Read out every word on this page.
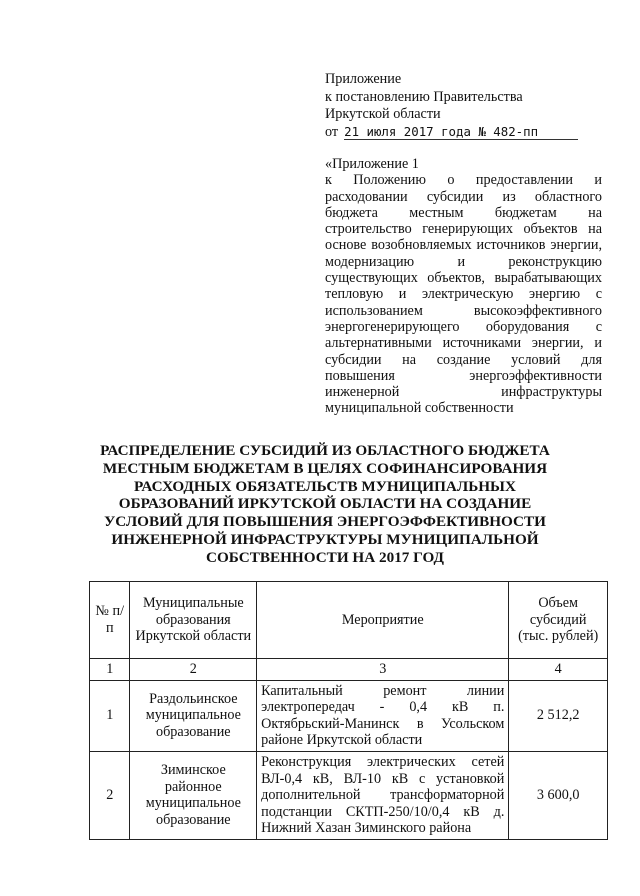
Приложение
к постановлению Правительства
Иркутской области
от 21 июля 2017 года № 482-пп
«Приложение 1
к Положению о предоставлении и расходовании субсидии из областного бюджета местным бюджетам на строительство генерирующих объектов на основе возобновляемых источников энергии, модернизацию и реконструкцию существующих объектов, вырабатывающих тепловую и электрическую энергию с использованием высокоэффективного энергогенерирующего оборудования с альтернативными источниками энергии, и субсидии на создание условий для повышения энергоэффективности инженерной инфраструктуры муниципальной собственности
РАСПРЕДЕЛЕНИЕ СУБСИДИЙ ИЗ ОБЛАСТНОГО БЮДЖЕТА МЕСТНЫМ БЮДЖЕТАМ В ЦЕЛЯХ СОФИНАНСИРОВАНИЯ РАСХОДНЫХ ОБЯЗАТЕЛЬСТВ МУНИЦИПАЛЬНЫХ ОБРАЗОВАНИЙ ИРКУТСКОЙ ОБЛАСТИ НА СОЗДАНИЕ УСЛОВИЙ ДЛЯ ПОВЫШЕНИЯ ЭНЕРГОЭФФЕКТИВНОСТИ ИНЖЕНЕРНОЙ ИНФРАСТРУКТУРЫ МУНИЦИПАЛЬНОЙ СОБСТВЕННОСТИ НА 2017 ГОД
№ п/п	Муниципальные образования Иркутской области	Мероприятие	Объем субсидий (тыс. рублей)
1	2	3	4
1	Раздольинское муниципальное образование	Капитальный ремонт линии электропередач - 0,4 кВ п. Октябрьский-Манинск в Усольском районе Иркутской области	2 512,2
2	Зиминское районное муниципальное образование	Реконструкция электрических сетей ВЛ-0,4 кВ, ВЛ-10 кВ с установкой дополнительной трансформаторной подстанции СКТП-250/10/0,4 кВ д. Нижний Хазан Зиминского района	3 600,0
